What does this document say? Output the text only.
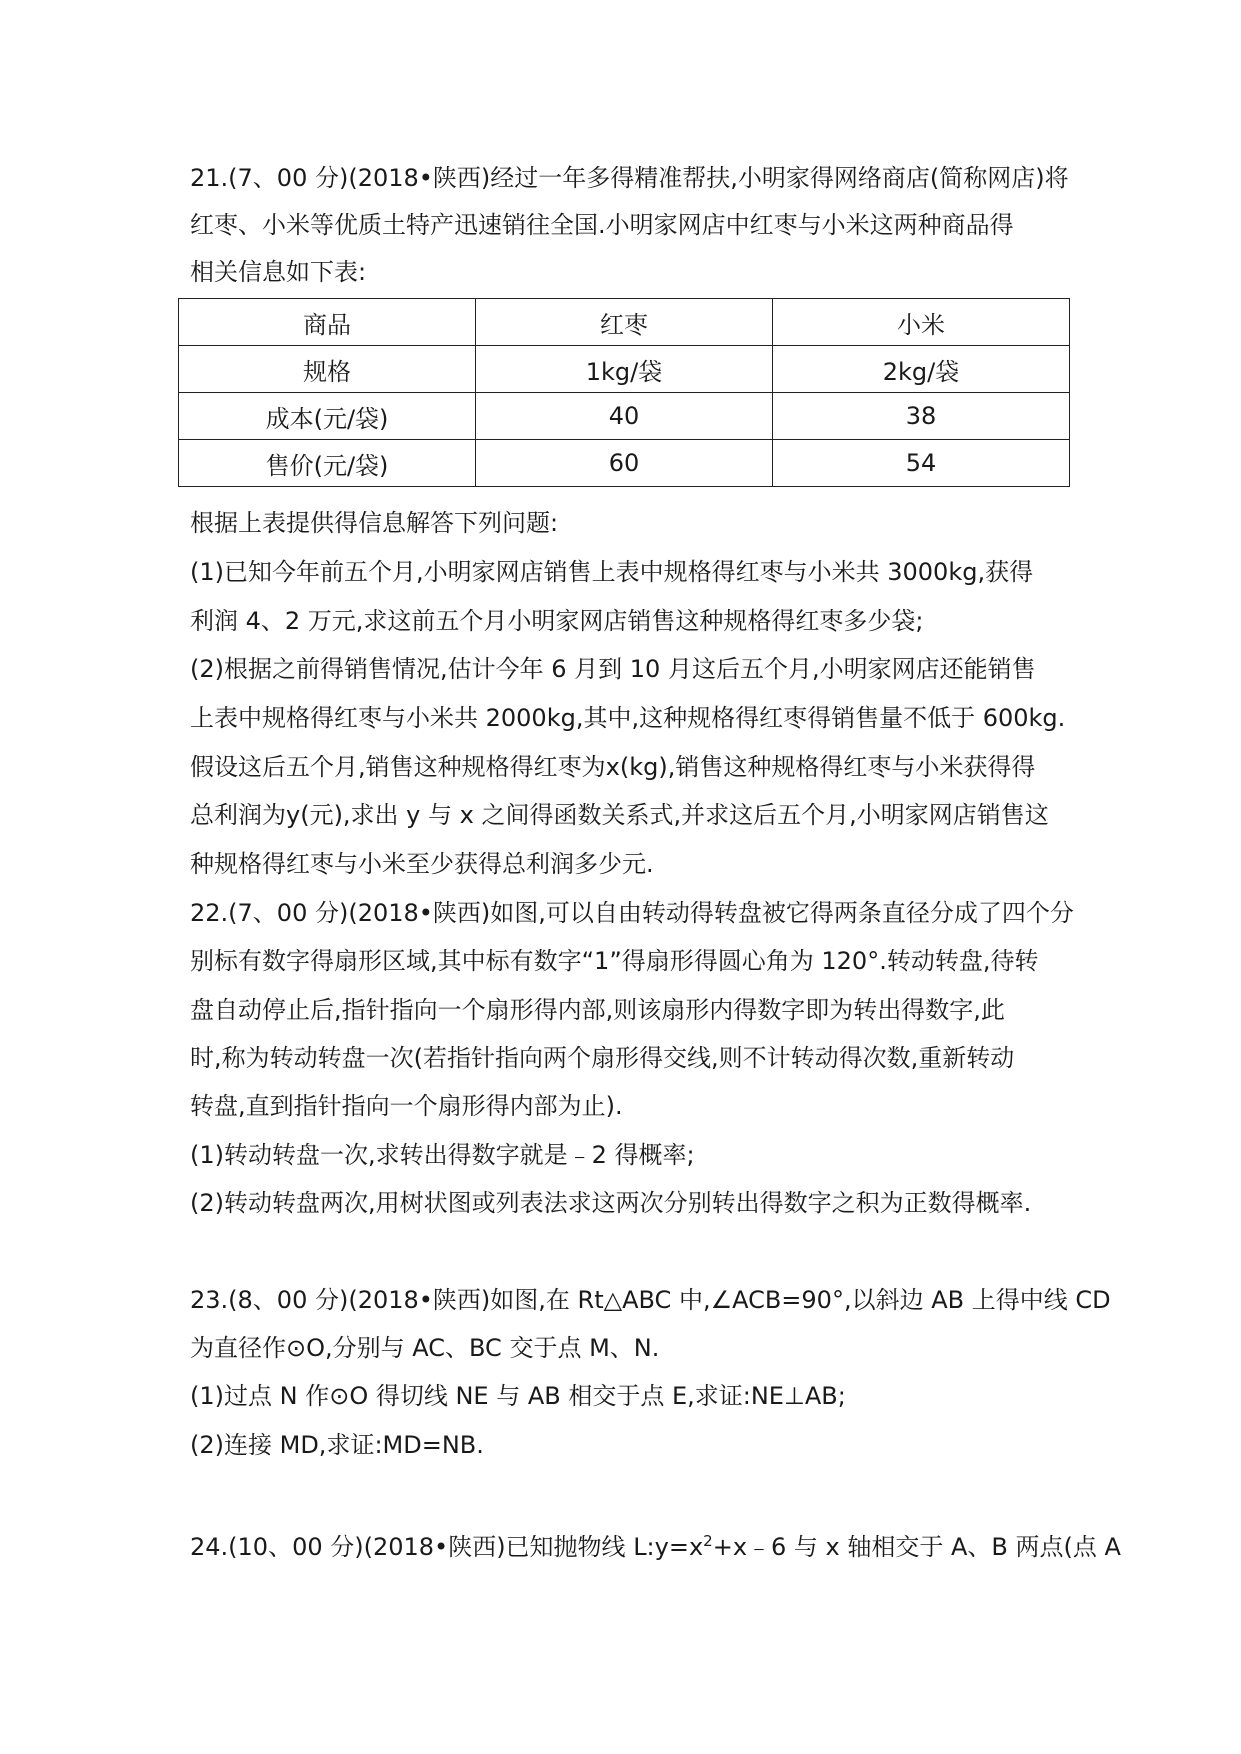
21.(7、00 分)(2018•陕西)经过一年多得精准帮扶,小明家得网络商店(简称网店)将
红枣、小米等优质土特产迅速销往全国.小明家网店中红枣与小米这两种商品得
相关信息如下表:
商品	红枣	小米
规格	1kg/袋	2kg/袋
成本(元/袋)	40	38
售价(元/袋)	60	54
根据上表提供得信息解答下列问题:
(1)已知今年前五个月,小明家网店销售上表中规格得红枣与小米共 3000kg,获得
利润 4、2 万元,求这前五个月小明家网店销售这种规格得红枣多少袋;
(2)根据之前得销售情况,估计今年 6 月到 10 月这后五个月,小明家网店还能销售
上表中规格得红枣与小米共 2000kg,其中,这种规格得红枣得销售量不低于 600kg.
假设这后五个月,销售这种规格得红枣为x(kg),销售这种规格得红枣与小米获得得
总利润为y(元),求出 y 与 x 之间得函数关系式,并求这后五个月,小明家网店销售这
种规格得红枣与小米至少获得总利润多少元.
22.(7、00 分)(2018•陕西)如图,可以自由转动得转盘被它得两条直径分成了四个分
别标有数字得扇形区域,其中标有数字“1”得扇形得圆心角为 120°.转动转盘,待转
盘自动停止后,指针指向一个扇形得内部,则该扇形内得数字即为转出得数字,此
时,称为转动转盘一次(若指针指向两个扇形得交线,则不计转动得次数,重新转动
转盘,直到指针指向一个扇形得内部为止).
(1)转动转盘一次,求转出得数字就是﹣2 得概率;
(2)转动转盘两次,用树状图或列表法求这两次分别转出得数字之积为正数得概率.
23.(8、00 分)(2018•陕西)如图,在 Rt△ABC 中,∠ACB=90°,以斜边 AB 上得中线 CD
为直径作⊙O,分别与 AC、BC 交于点 M、N.
(1)过点 N 作⊙O 得切线 NE 与 AB 相交于点 E,求证:NE⊥AB;
(2)连接 MD,求证:MD=NB.
24.(10、00 分)(2018•陕西)已知抛物线 $L:y=x^2+x﹣6$ 与 x 轴相交于 A、B 两点(点 A
